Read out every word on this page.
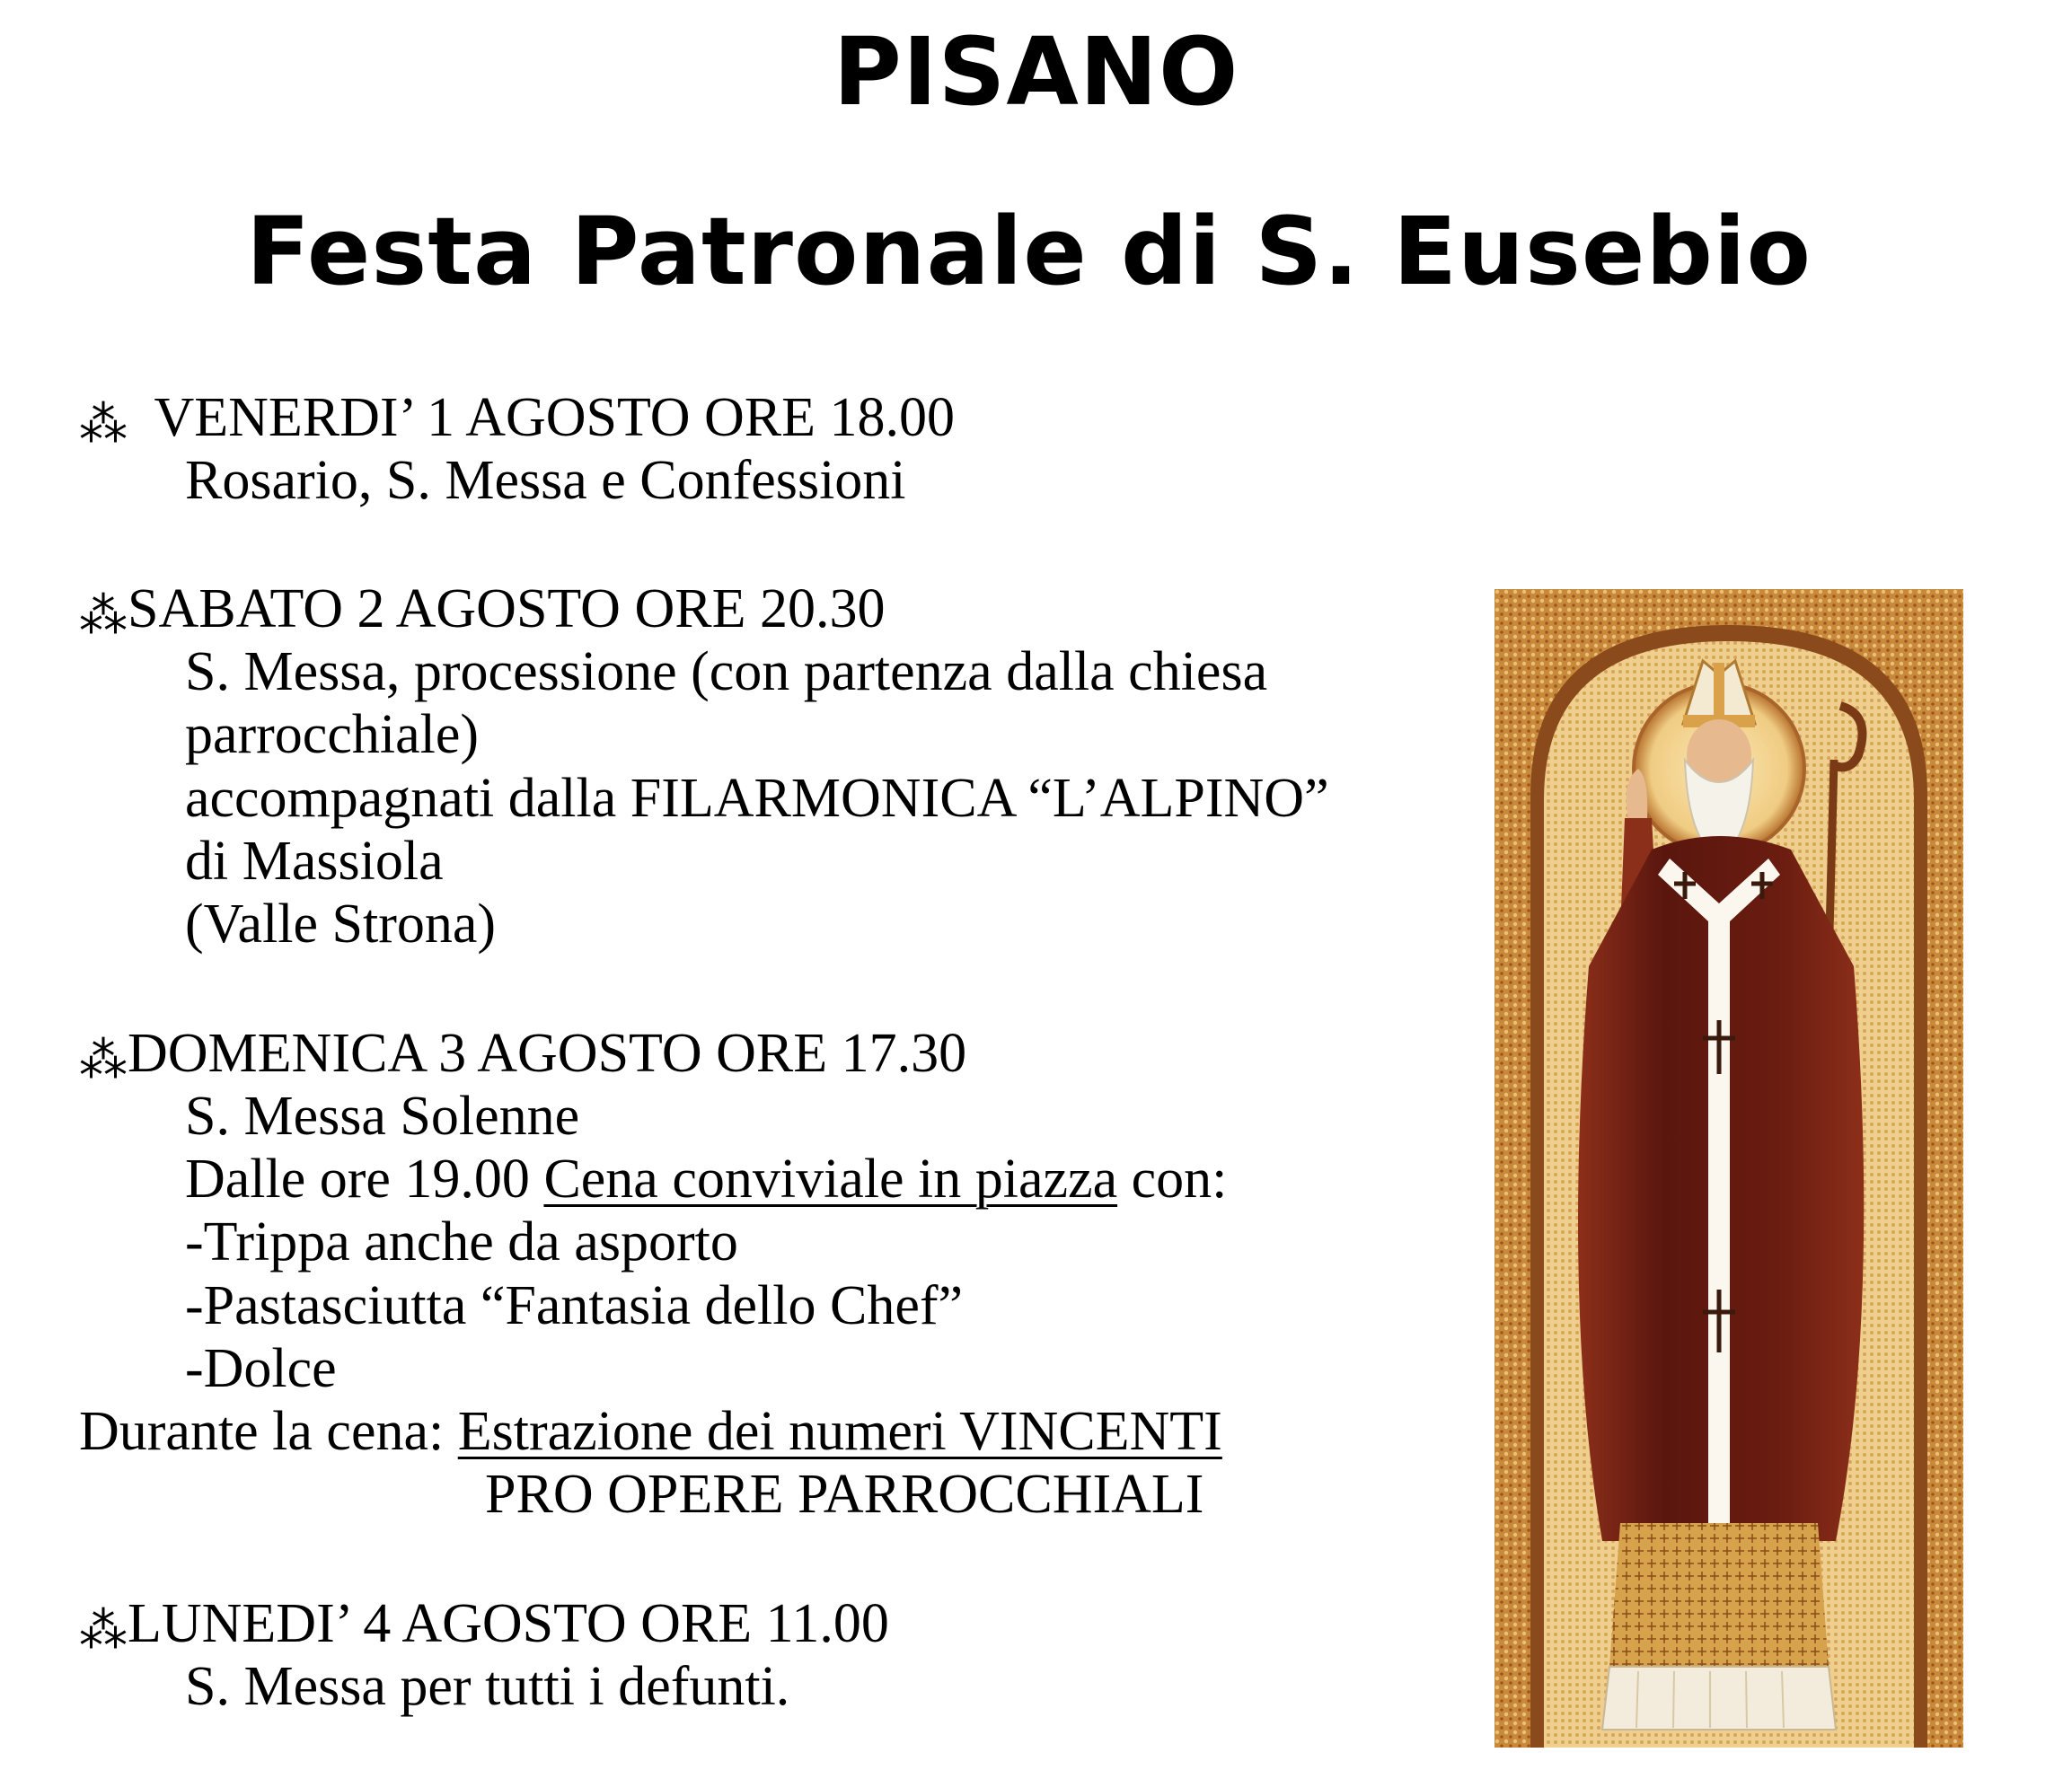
PISANO
Festa Patronale di S. Eusebio
⁂ VENERDI’ 1 AGOSTO ORE 18.00
Rosario, S. Messa e Confessioni
⁂SABATO 2 AGOSTO ORE 20.30
S. Messa, processione (con partenza dalla chiesa
parrocchiale)
accompagnati dalla FILARMONICA “L’ALPINO”
di Massiola
(Valle Strona)
⁂DOMENICA 3 AGOSTO ORE 17.30
S. Messa Solenne
Dalle ore 19.00 Cena conviviale in piazza con:
-Trippa anche da asporto
-Pastasciutta “Fantasia dello Chef”
-Dolce
Durante la cena: Estrazione dei numeri VINCENTI
PRO OPERE PARROCCHIALI
⁂LUNEDI’ 4 AGOSTO ORE 11.00
S. Messa per tutti i defunti.
